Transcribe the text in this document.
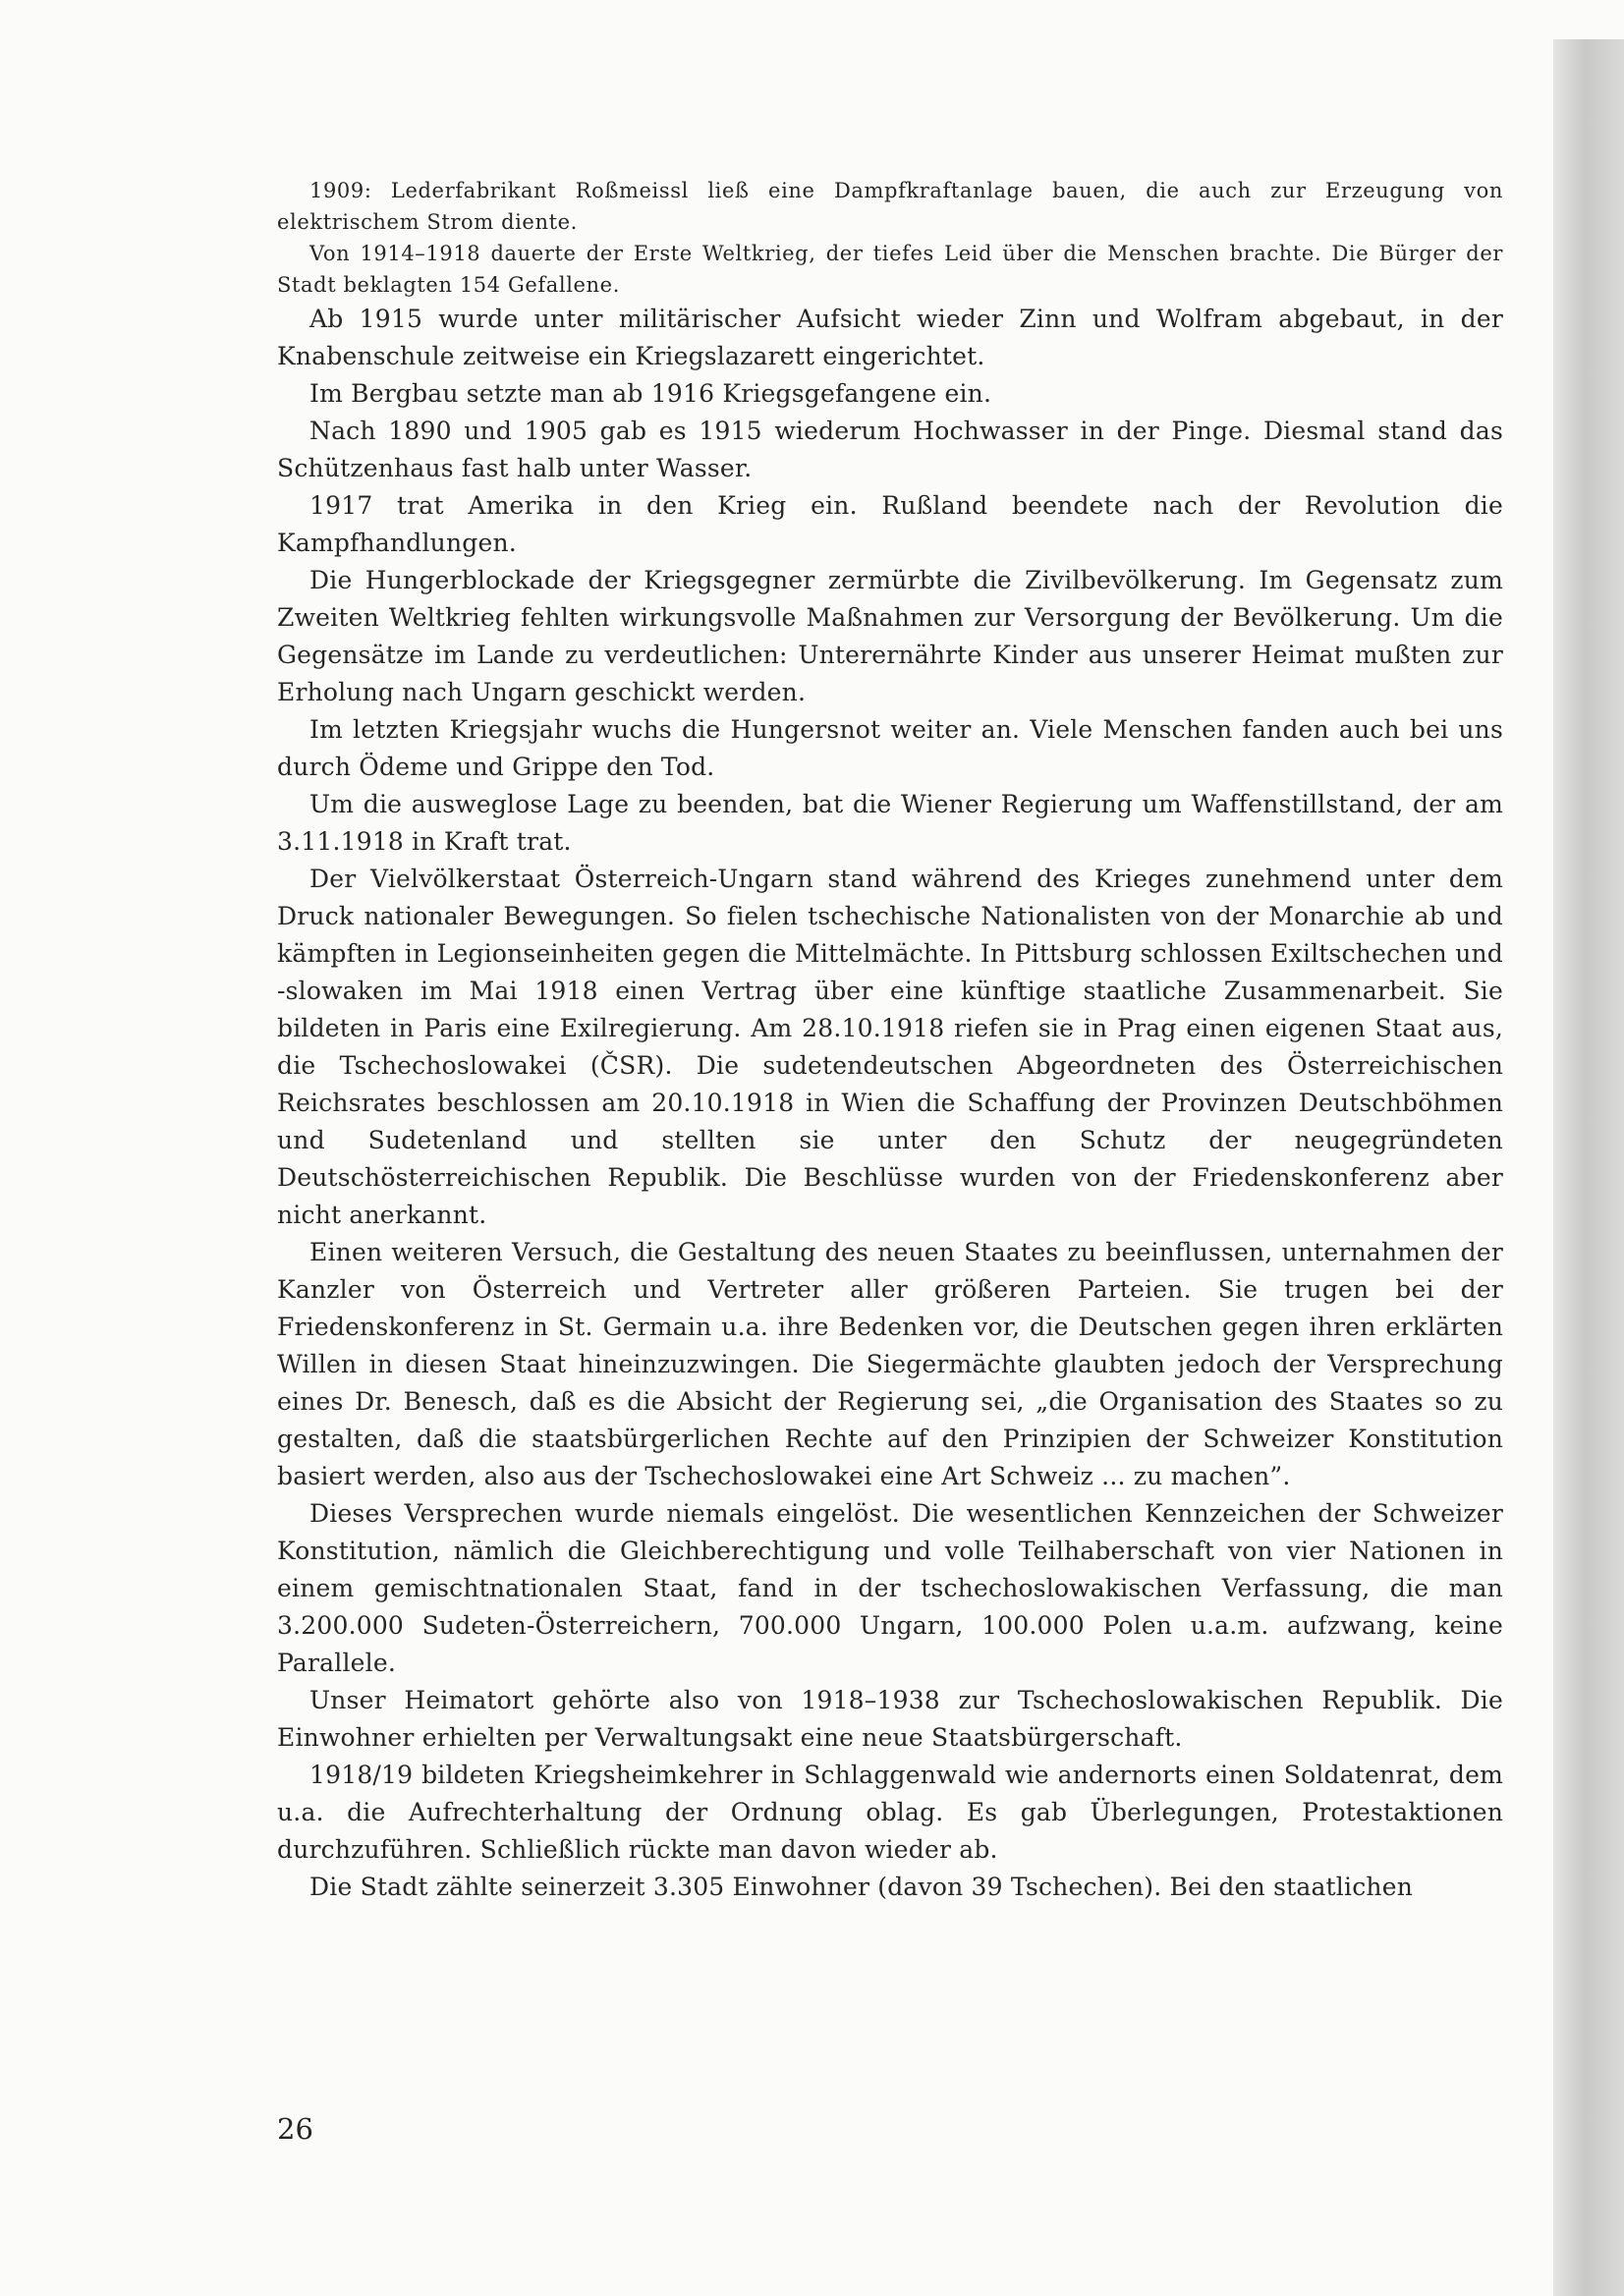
1909: Lederfabrikant Roßmeissl ließ eine Dampfkraftanlage bauen, die auch zur Erzeugung von elektrischem Strom diente.

Von 1914–1918 dauerte der Erste Weltkrieg, der tiefes Leid über die Menschen brachte. Die Bürger der Stadt beklagten 154 Gefallene.

Ab 1915 wurde unter militärischer Aufsicht wieder Zinn und Wolfram abgebaut, in der Knabenschule zeitweise ein Kriegslazarett eingerichtet.

Im Bergbau setzte man ab 1916 Kriegsgefangene ein.

Nach 1890 und 1905 gab es 1915 wiederum Hochwasser in der Pinge. Diesmal stand das Schützenhaus fast halb unter Wasser.

1917 trat Amerika in den Krieg ein. Rußland beendete nach der Revolution die Kampfhandlungen.

Die Hungerblockade der Kriegsgegner zermürbte die Zivilbevölkerung. Im Gegensatz zum Zweiten Weltkrieg fehlten wirkungsvolle Maßnahmen zur Versorgung der Bevölkerung. Um die Gegensätze im Lande zu verdeutlichen: Unterernährte Kinder aus unserer Heimat mußten zur Erholung nach Ungarn geschickt werden.

Im letzten Kriegsjahr wuchs die Hungersnot weiter an. Viele Menschen fanden auch bei uns durch Ödeme und Grippe den Tod.

Um die ausweglose Lage zu beenden, bat die Wiener Regierung um Waffenstillstand, der am 3.11.1918 in Kraft trat.

Der Vielvölkerstaat Österreich-Ungarn stand während des Krieges zunehmend unter dem Druck nationaler Bewegungen. So fielen tschechische Nationalisten von der Monarchie ab und kämpften in Legionseinheiten gegen die Mittelmächte. In Pittsburg schlossen Exiltschechen und -slowaken im Mai 1918 einen Vertrag über eine künftige staatliche Zusammenarbeit. Sie bildeten in Paris eine Exilregierung. Am 28.10.1918 riefen sie in Prag einen eigenen Staat aus, die Tschechoslowakei (ČSR). Die sudetendeutschen Abgeordneten des Österreichischen Reichsrates beschlossen am 20.10.1918 in Wien die Schaffung der Provinzen Deutschböhmen und Sudetenland und stellten sie unter den Schutz der neugegründeten Deutschösterreichischen Republik. Die Beschlüsse wurden von der Friedenskonferenz aber nicht anerkannt.

Einen weiteren Versuch, die Gestaltung des neuen Staates zu beeinflussen, unternahmen der Kanzler von Österreich und Vertreter aller größeren Parteien. Sie trugen bei der Friedenskonferenz in St. Germain u.a. ihre Bedenken vor, die Deutschen gegen ihren erklärten Willen in diesen Staat hineinzuzwingen. Die Siegermächte glaubten jedoch der Versprechung eines Dr. Benesch, daß es die Absicht der Regierung sei, „die Organisation des Staates so zu gestalten, daß die staatsbürgerlichen Rechte auf den Prinzipien der Schweizer Konstitution basiert werden, also aus der Tschechoslowakei eine Art Schweiz ... zu machen”.

Dieses Versprechen wurde niemals eingelöst. Die wesentlichen Kennzeichen der Schweizer Konstitution, nämlich die Gleichberechtigung und volle Teilhaberschaft von vier Nationen in einem gemischtnationalen Staat, fand in der tschechoslowakischen Verfassung, die man 3.200.000 Sudeten-Österreichern, 700.000 Ungarn, 100.000 Polen u.a.m. aufzwang, keine Parallele.

Unser Heimatort gehörte also von 1918–1938 zur Tschechoslowakischen Republik. Die Einwohner erhielten per Verwaltungsakt eine neue Staatsbürgerschaft.

1918/19 bildeten Kriegsheimkehrer in Schlaggenwald wie andernorts einen Soldatenrat, dem u.a. die Aufrechterhaltung der Ordnung oblag. Es gab Überlegungen, Protestaktionen durchzuführen. Schließlich rückte man davon wieder ab.

Die Stadt zählte seinerzeit 3.305 Einwohner (davon 39 Tschechen). Bei den staatlichen

26
